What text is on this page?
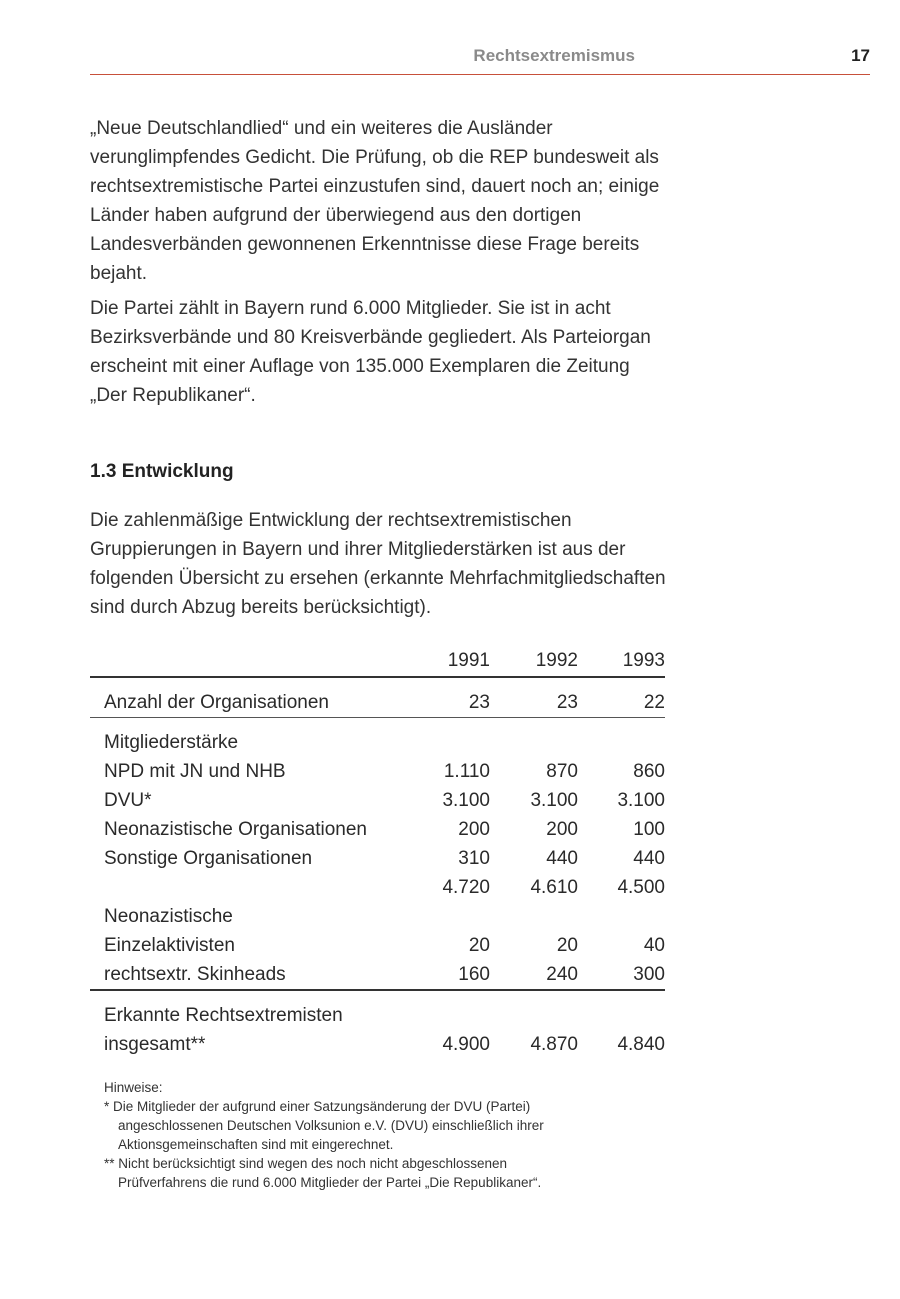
Rechtsextremismus	17

„Neue Deutschlandlied“ und ein weiteres die Ausländer verunglimpfendes Gedicht. Die Prüfung, ob die REP bundesweit als rechtsextremistische Partei einzustufen sind, dauert noch an; einige Länder haben aufgrund der überwiegend aus den dortigen Landesverbänden gewonnenen Erkenntnisse diese Frage bereits bejaht.

Die Partei zählt in Bayern rund 6.000 Mitglieder. Sie ist in acht Bezirksverbände und 80 Kreisverbände gegliedert. Als Parteiorgan erscheint mit einer Auflage von 135.000 Exemplaren die Zeitung „Der Republikaner“.

1.3 Entwicklung

Die zahlenmäßige Entwicklung der rechtsextremistischen Gruppierungen in Bayern und ihrer Mitgliederstärken ist aus der folgenden Übersicht zu ersehen (erkannte Mehrfachmitgliedschaften sind durch Abzug bereits berücksichtigt).

	1991	1992	1993
Anzahl der Organisationen	23	23	22
Mitgliederstärke			
NPD mit JN und NHB	1.110	870	860
DVU*	3.100	3.100	3.100
Neonazistische Organisationen	200	200	100
Sonstige Organisationen	310	440	440
	4.720	4.610	4.500
Neonazistische			
Einzelaktivisten	20	20	40
rechtsextr. Skinheads	160	240	300
Erkannte Rechtsextremisten			
insgesamt**	4.900	4.870	4.840
Hinweise:
* Die Mitglieder der aufgrund einer Satzungsänderung der DVU (Partei)
angeschlossenen Deutschen Volksunion e.V. (DVU) einschließlich ihrer
Aktionsgemeinschaften sind mit eingerechnet.
** Nicht berücksichtigt sind wegen des noch nicht abgeschlossenen
Prüfverfahrens die rund 6.000 Mitglieder der Partei „Die Republikaner“.
